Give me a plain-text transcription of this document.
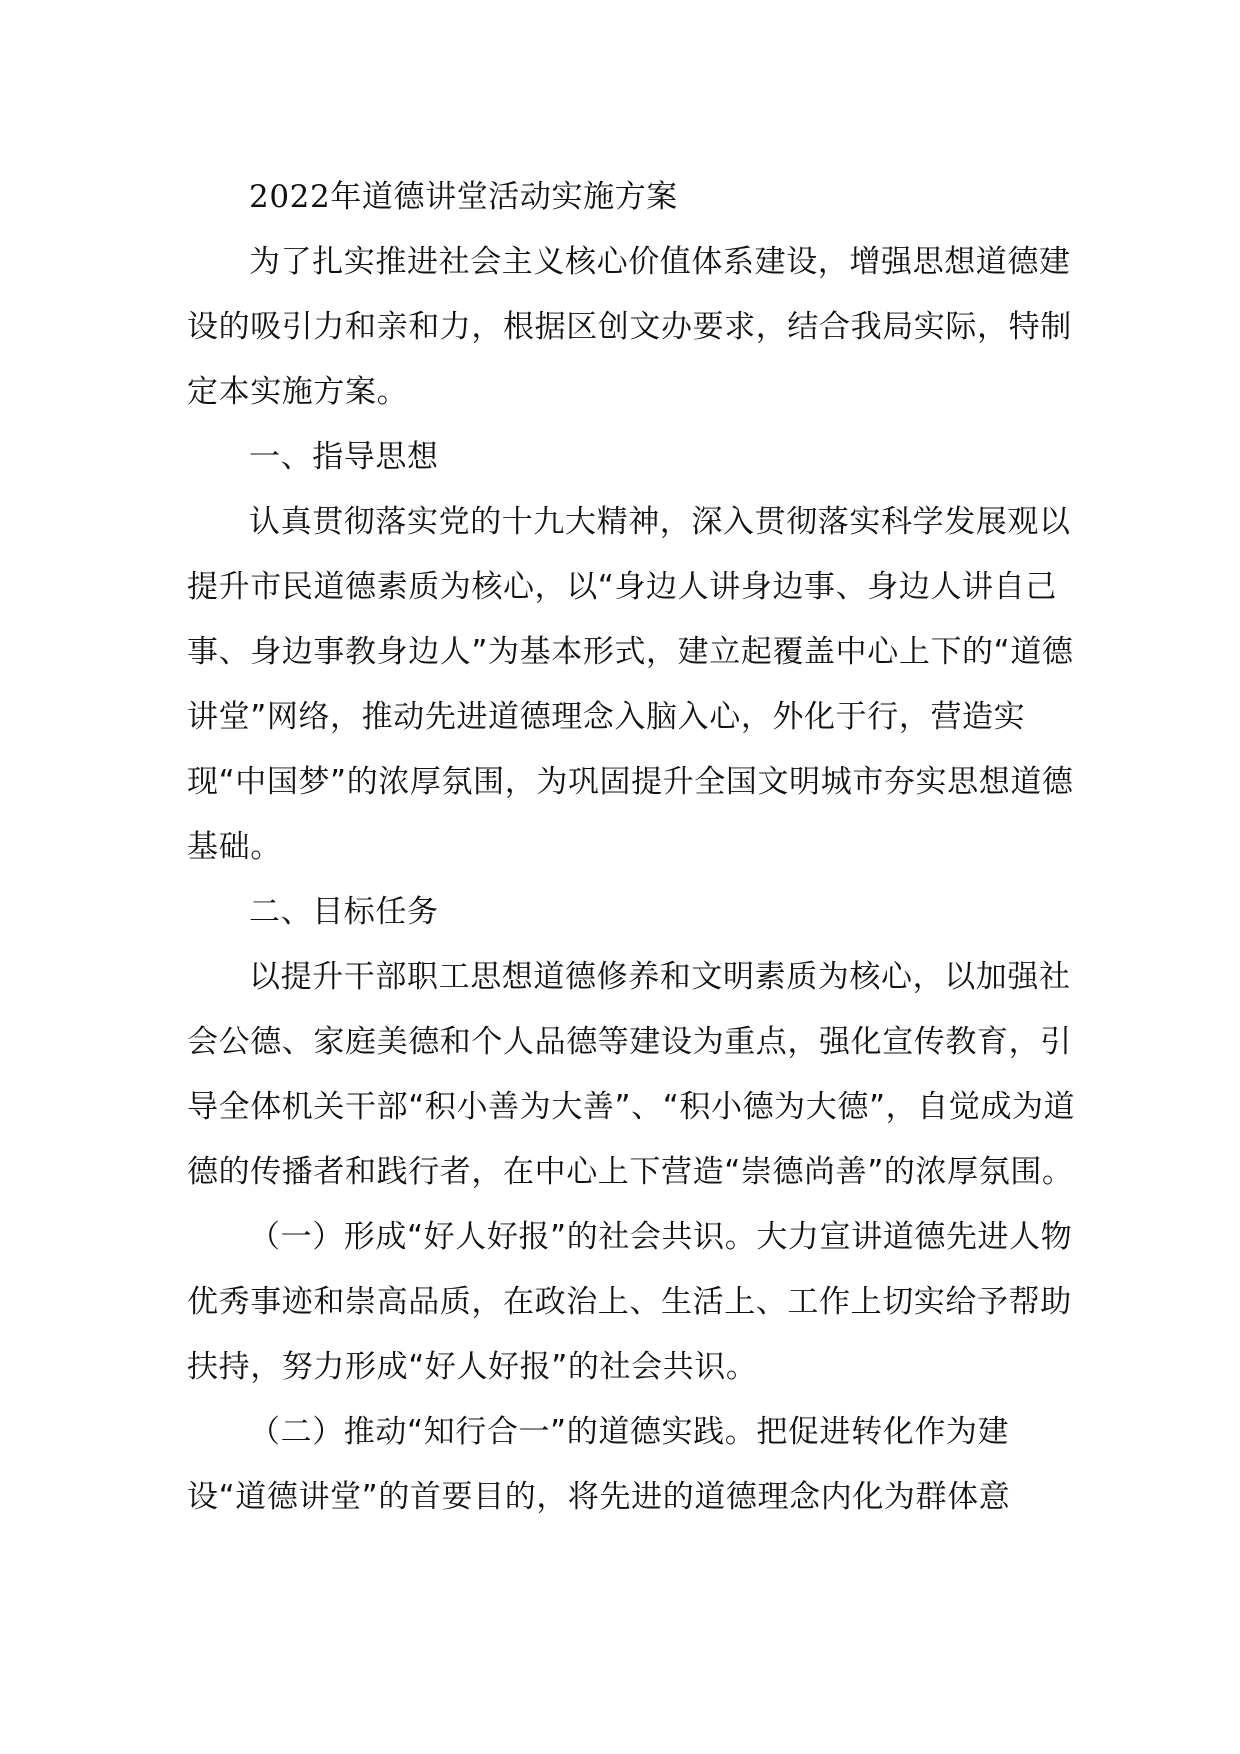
2022年道德讲堂活动实施方案

为了扎实推进社会主义核心价值体系建设，增强思想道德建设的吸引力和亲和力，根据区创文办要求，结合我局实际，特制定本实施方案。

一、指导思想

认真贯彻落实党的十九大精神，深入贯彻落实科学发展观以提升市民道德素质为核心，以“身边人讲身边事、身边人讲自己事、身边事教身边人”为基本形式，建立起覆盖中心上下的“道德讲堂”网络，推动先进道德理念入脑入心，外化于行，营造实现“中国梦”的浓厚氛围，为巩固提升全国文明城市夯实思想道德基础。

二、目标任务

以提升干部职工思想道德修养和文明素质为核心，以加强社会公德、家庭美德和个人品德等建设为重点，强化宣传教育，引导全体机关干部“积小善为大善”、“积小德为大德”，自觉成为道德的传播者和践行者，在中心上下营造“崇德尚善”的浓厚氛围。

（一）形成“好人好报”的社会共识。大力宣讲道德先进人物优秀事迹和崇高品质，在政治上、生活上、工作上切实给予帮助扶持，努力形成“好人好报”的社会共识。

（二）推动“知行合一”的道德实践。把促进转化作为建设“道德讲堂”的首要目的，将先进的道德理念内化为群体意
